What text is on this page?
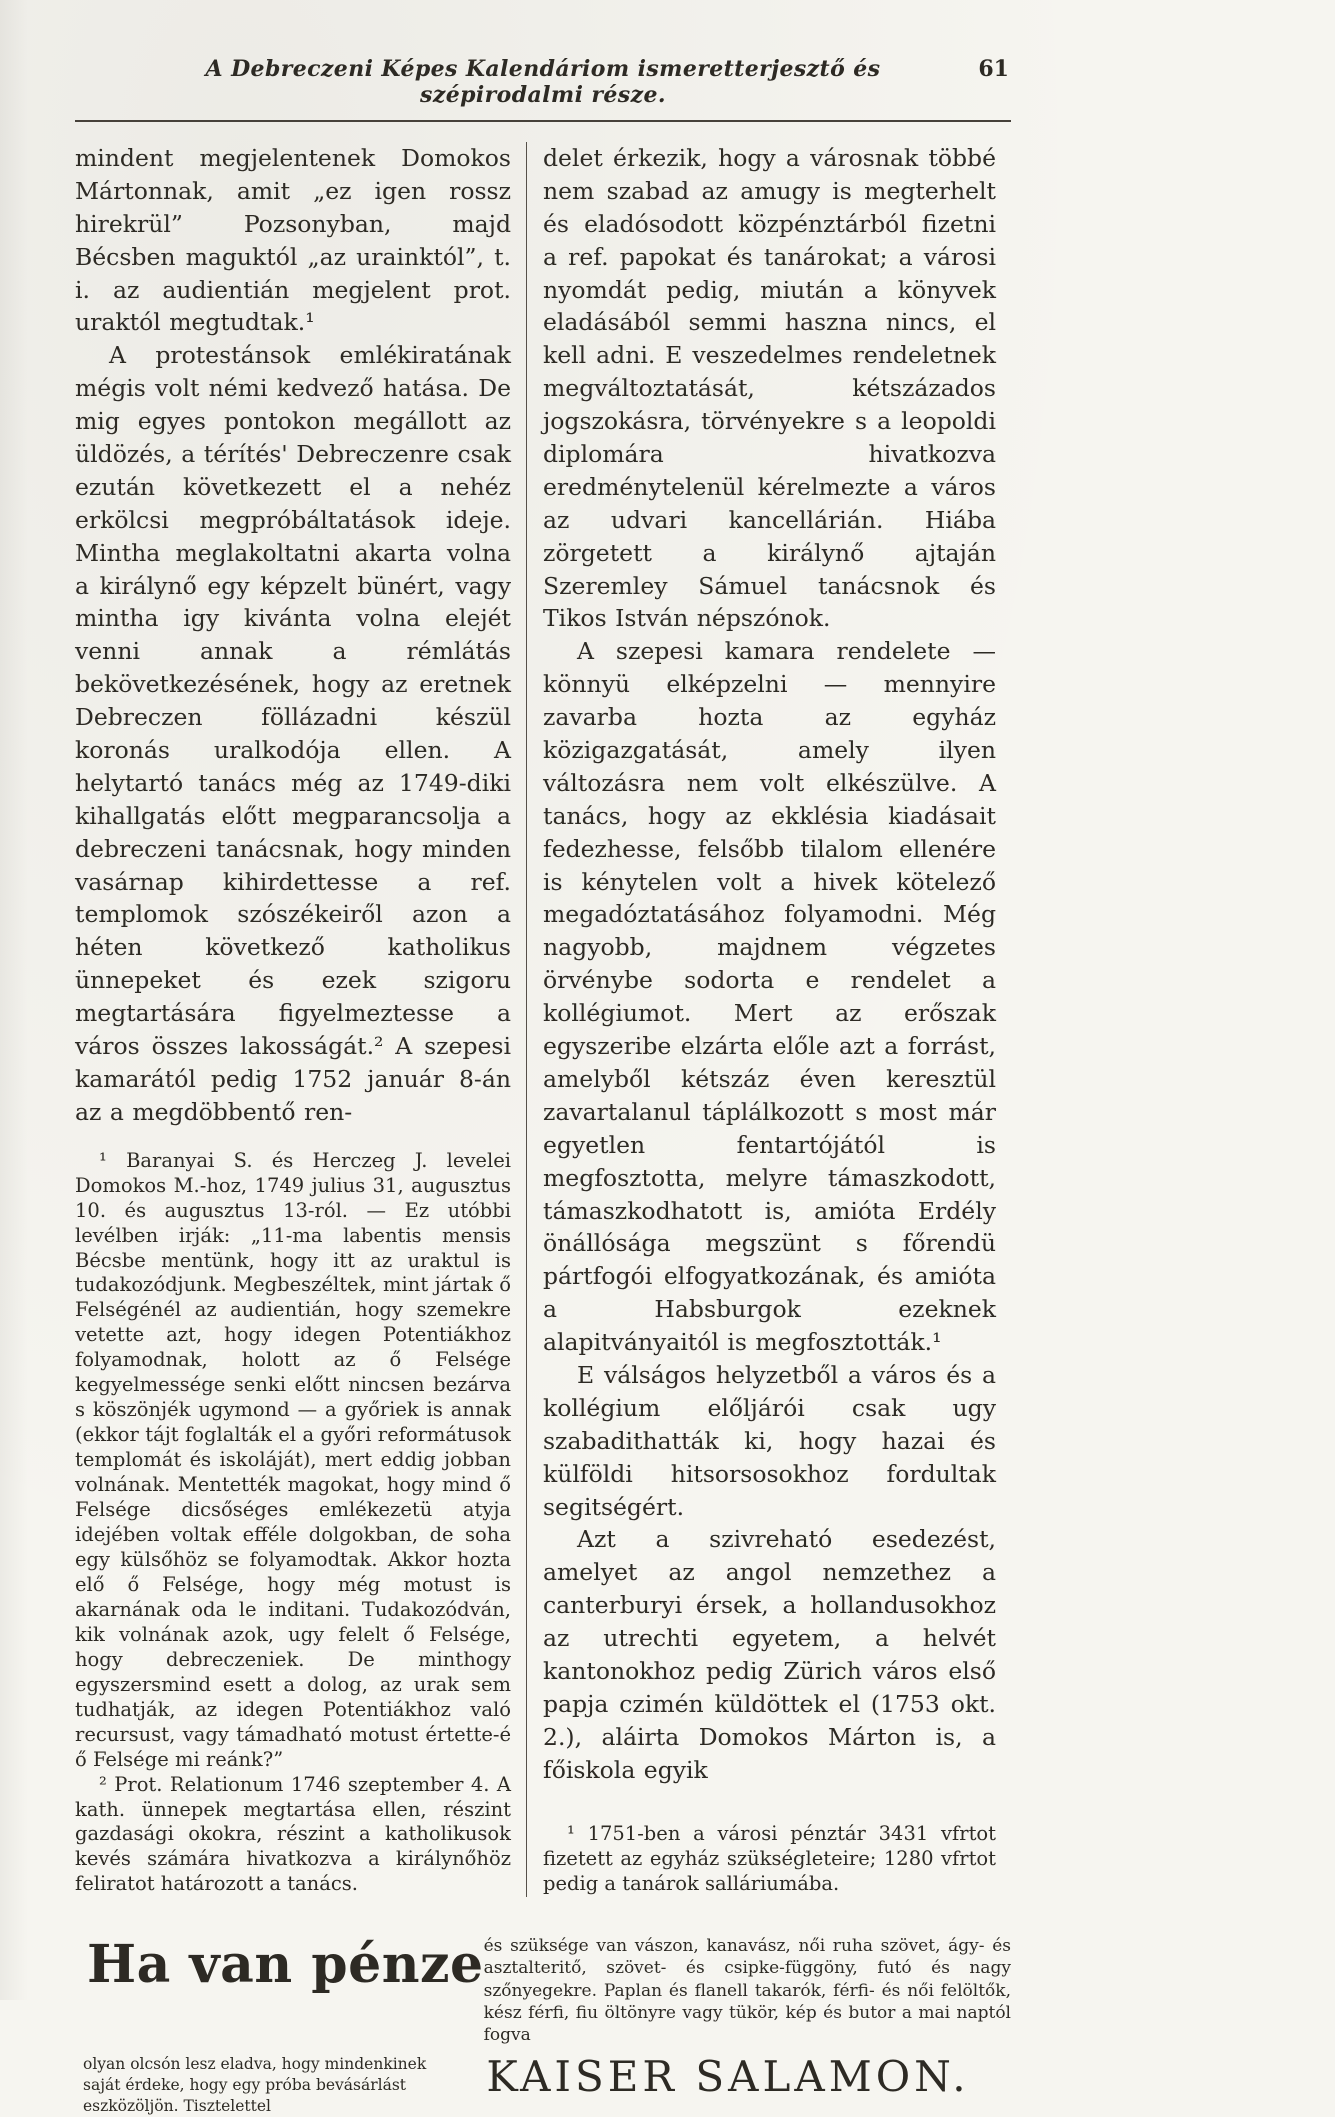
A Debreczeni Képes Kalendáriom ismeretterjesztő és szépirodalmi része.
61

mindent megjelentenek Domokos Mártonnak, amit „ez igen rossz hirekrül” Pozsonyban, majd Bécsben maguktól „az urainktól”, t. i. az audientián megjelent prot. uraktól megtudtak.¹

A protestánsok emlékiratának mégis volt némi kedvező hatása. De mig egyes pontokon megállott az üldözés, a térítés' Debreczenre csak ezután következett el a nehéz erkölcsi megpróbáltatások ideje. Mintha meglakoltatni akarta volna a királynő egy képzelt bünért, vagy mintha igy kivánta volna elejét venni annak a rémlátás bekövetkezésének, hogy az eretnek Debreczen föllázadni készül koronás uralkodója ellen. A helytartó tanács még az 1749-diki kihallgatás előtt megparancsolja a debreczeni tanácsnak, hogy minden vasárnap kihirdettesse a ref. templomok szószékeiről azon a héten következő katholikus ünnepeket és ezek szigoru megtartására figyelmeztesse a város összes lakosságát.² A szepesi kamarától pedig 1752 január 8-án az a megdöbbentő ren-

¹ Baranyai S. és Herczeg J. levelei Domokos M.-hoz, 1749 julius 31, augusztus 10. és augusztus 13-ról. — Ez utóbbi levélben irják: „11-ma labentis mensis Bécsbe mentünk, hogy itt az uraktul is tudakozódjunk. Megbeszéltek, mint jártak ő Felségénél az audientián, hogy szemekre vetette azt, hogy idegen Potentiákhoz folyamodnak, holott az ő Felsége kegyelmessége senki előtt nincsen bezárva s köszönjék ugymond — a győriek is annak (ekkor tájt foglalták el a győri reformátusok templomát és iskoláját), mert eddig jobban volnának. Mentették magokat, hogy mind ő Felsége dicsőséges emlékezetü atyja idejében voltak efféle dolgokban, de soha egy külsőhöz se folyamodtak. Akkor hozta elő ő Felsége, hogy még motust is akarnának oda le inditani. Tudakozódván, kik volnának azok, ugy felelt ő Felsége, hogy debreczeniek. De minthogy egyszersmind esett a dolog, az urak sem tudhatják, az idegen Potentiákhoz való recursust, vagy támadható motust értette-é ő Felsége mi reánk?”

² Prot. Relationum 1746 szeptember 4. A kath. ünnepek megtartása ellen, részint gazdasági okokra, részint a katholikusok kevés számára hivatkozva a királynőhöz feliratot határozott a tanács.

delet érkezik, hogy a városnak többé nem szabad az amugy is megterhelt és eladósodott közpénztárból fizetni a ref. papokat és tanárokat; a városi nyomdát pedig, miután a könyvek eladásából semmi haszna nincs, el kell adni. E veszedelmes rendeletnek megváltoztatását, kétszázados jogszokásra, törvényekre s a leopoldi diplomára hivatkozva eredménytelenül kérelmezte a város az udvari kancellárián. Hiába zörgetett a királynő ajtaján Szeremley Sámuel tanácsnok és Tikos István népszónok.

A szepesi kamara rendelete — könnyü elképzelni — mennyire zavarba hozta az egyház közigazgatását, amely ilyen változásra nem volt elkészülve. A tanács, hogy az ekklésia kiadásait fedezhesse, felsőbb tilalom ellenére is kénytelen volt a hivek kötelező megadóztatásához folyamodni. Még nagyobb, majdnem végzetes örvénybe sodorta e rendelet a kollégiumot. Mert az erőszak egyszeribe elzárta előle azt a forrást, amelyből kétszáz éven keresztül zavartalanul táplálkozott s most már egyetlen fentartójától is megfosztotta, melyre támaszkodott, támaszkodhatott is, amióta Erdély önállósága megszünt s főrendü pártfogói elfogyatkozának, és amióta a Habsburgok ezeknek alapitványaitól is megfosztották.¹

E válságos helyzetből a város és a kollégium előljárói csak ugy szabadithatták ki, hogy hazai és külföldi hitsorsosokhoz fordultak segitségért.

Azt a szivreható esedezést, amelyet az angol nemzethez a canterburyi érsek, a hollandusokhoz az utrechti egyetem, a helvét kantonokhoz pedig Zürich város első papja czimén küldöttek el (1753 okt. 2.), aláirta Domokos Márton is, a főiskola egyik

¹ 1751-ben a városi pénztár 3431 vfrtot fizetett az egyház szükségleteire; 1280 vfrtot pedig a tanárok salláriumába.

Ha van pénze és szüksége van vászon, kanavász, női ruha szövet, ágy- és asztalteritő, szövet- és csipke-függöny, futó és nagy szőnyegekre. Paplan és flanell takarók, férfi- és női felöltők, kész férfi, fiu öltönyre vagy tükör, kép és butor a mai naptól fogva
olyan olcsón lesz eladva, hogy mindenkinek saját érdeke, hogy egy próba bevásárlást eszközöljön. Tisztelettel
KAISER SALAMON.
